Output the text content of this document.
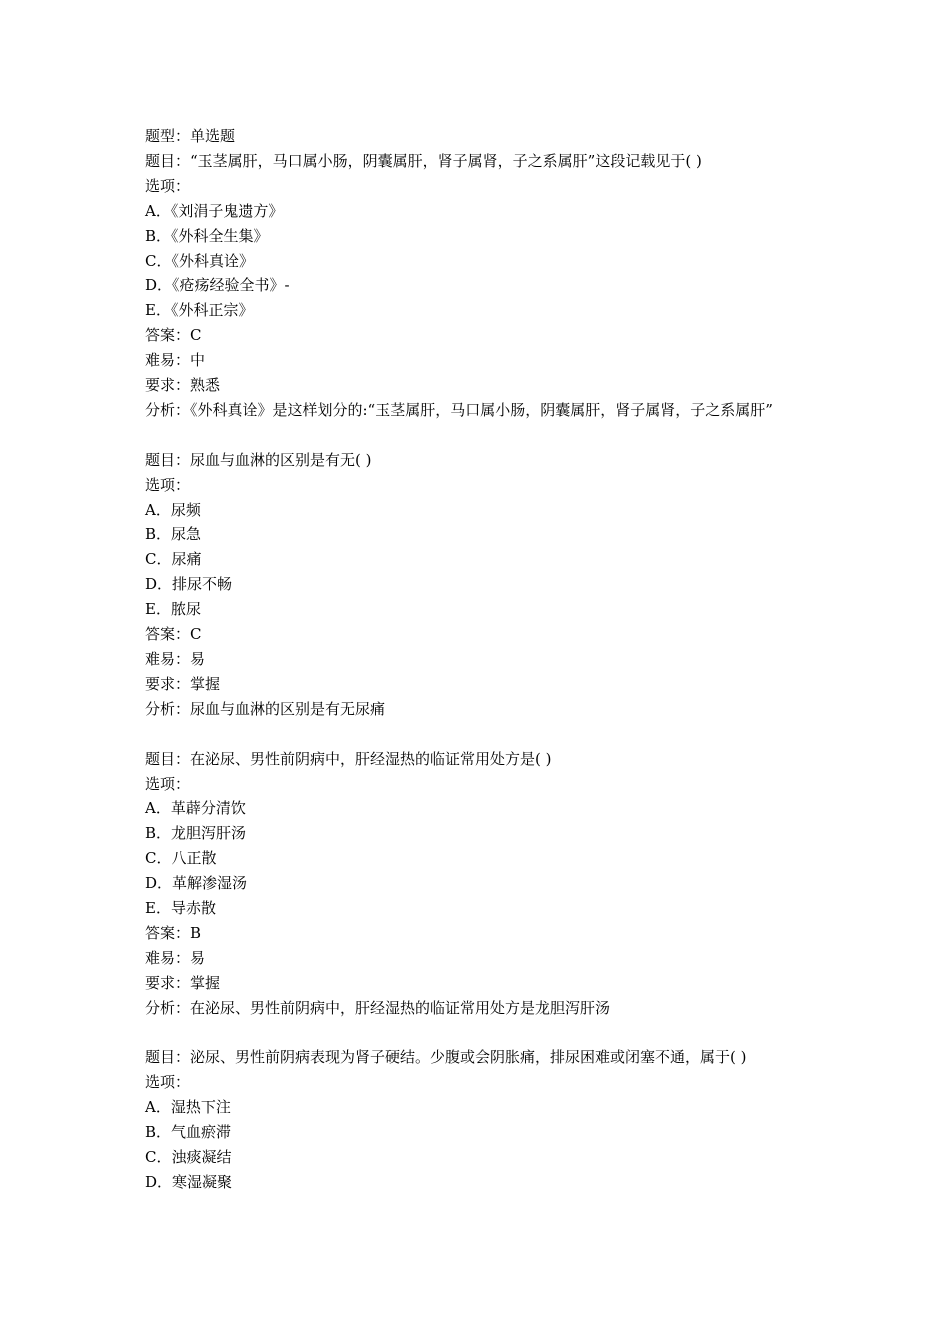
题型：单选题
题目：“玉茎属肝，马口属小肠，阴囊属肝，肾子属肾，子之系属肝”这段记载见于( )
选项：
A．《刘涓子鬼遗方》
B．《外科全生集》
C．《外科真诠》
D．《疮疡经验全书》-
E．《外科正宗》
答案：C
难易：中
要求：熟悉
分析：《外科真诠》是这样划分的:“玉茎属肝，马口属小肠，阴囊属肝，肾子属肾，子之系属肝”
题目：尿血与血淋的区别是有无( )
选项：
A．尿频
B．尿急
C．尿痛
D．排尿不畅
E．脓尿
答案：C
难易：易
要求：掌握
分析：尿血与血淋的区别是有无尿痛
题目：在泌尿、男性前阴病中，肝经湿热的临证常用处方是( )
选项：
A．革薜分清饮
B．龙胆泻肝汤
C．八正散
D．革解渗湿汤
E．导赤散
答案：B
难易：易
要求：掌握
分析：在泌尿、男性前阴病中，肝经湿热的临证常用处方是龙胆泻肝汤
题目：泌尿、男性前阴病表现为肾子硬结。少腹或会阴胀痛，排尿困难或闭塞不通，属于( )
选项：
A．湿热下注
B．气血瘀滞
C．浊痰凝结
D．寒湿凝聚
